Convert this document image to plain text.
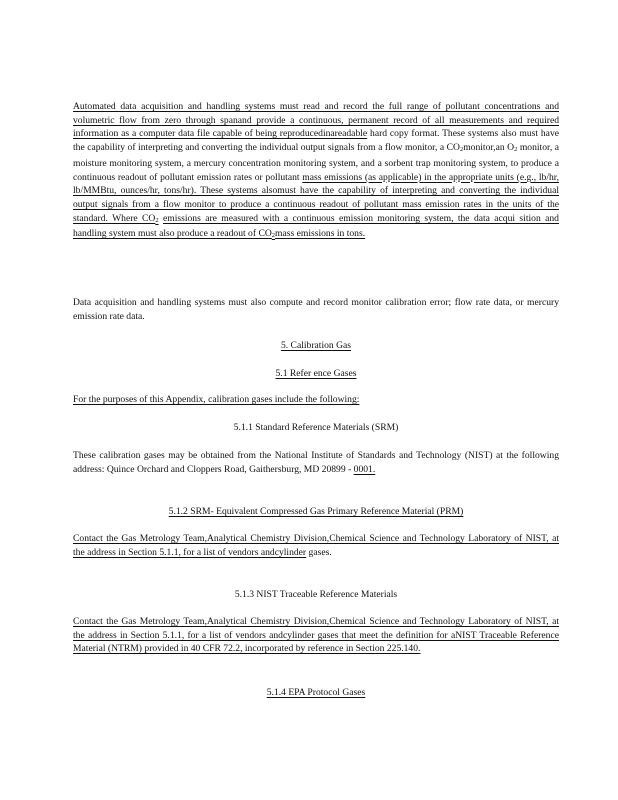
Automated data acquisition and handling systems must read and record the full range of pollutant concentrations and volumetric flow from zero through spanand provide a continuous, permanent record of all measurements and required information as a computer data file capable of being reproducedinareadable hard copy format. These systems also must have the capability of interpreting and converting the individual output signals from a flow monitor, a $CO_2monitor,an$ $O_2$ monitor, a moisture monitoring system, a mercury concentration monitoring system, and a sorbent trap monitoring system, to produce a continuous readout of pollutant emission rates or pollutant mass emissions (as applicable) in the appropriate units (e.g., lb/hr, lb/MMBtu, ounces/hr, tons/hr). These systems alsomust have the capability of interpreting and converting the individual output signals from a flow monitor to produce a continuous readout of pollutant mass emission rates in the units of the standard. Where $CO_2$ emissions are measured with a continuous emission monitoring system, the data acqui sition and handling system must also produce a readout of $CO_2mass$ emissions in tons.
Data acquisition and handling systems must also compute and record monitor calibration error; flow rate data, or mercury emission rate data.
5. Calibration Gas
5.1 Refer ence Gases
For the purposes of this Appendix, calibration gases include the following:
5.1.1 Standard Reference Materials (SRM)
These calibration gases may be obtained from the National Institute of Standards and Technology (NIST) at the following address: Quince Orchard and Cloppers Road, Gaithersburg, MD 20899 - 0001.
5.1.2 SRM- Equivalent Compressed Gas Primary Reference Material (PRM)
Contact the Gas Metrology Team,Analytical Chemistry Division,Chemical Science and Technology Laboratory of NIST, at the address in Section 5.1.1, for a list of vendors andcylinder gases.
5.1.3 NIST Traceable Reference Materials
Contact the Gas Metrology Team,Analytical Chemistry Division,Chemical Science and Technology Laboratory of NIST, at the address in Section 5.1.1, for a list of vendors andcylinder gases that meet the definition for aNIST Traceable Reference Material (NTRM) provided in 40 CFR 72.2, incorporated by reference in Section 225.140.
5.1.4 EPA Protocol Gases
